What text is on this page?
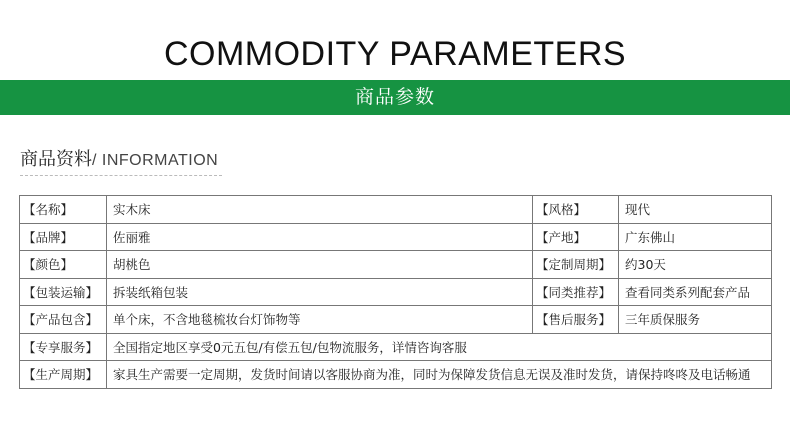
COMMODITY PARAMETERS
商品参数
商品资料/ INFORMATION
【名称】	实木床	【风格】	现代
【品牌】	佐丽雅	【产地】	广东佛山
【颜色】	胡桃色	【定制周期】	约30天
【包装运输】	拆装纸箱包装	【同类推荐】	查看同类系列配套产品
【产品包含】	单个床，不含地毯梳妆台灯饰物等	【售后服务】	三年质保服务
【专享服务】	全国指定地区享受0元五包/有偿五包/包物流服务，详情咨询客服		
【生产周期】	家具生产需要一定周期，发货时间请以客服协商为准，同时为保障发货信息无误及准时发货，请保持咚咚及电话畅通		
